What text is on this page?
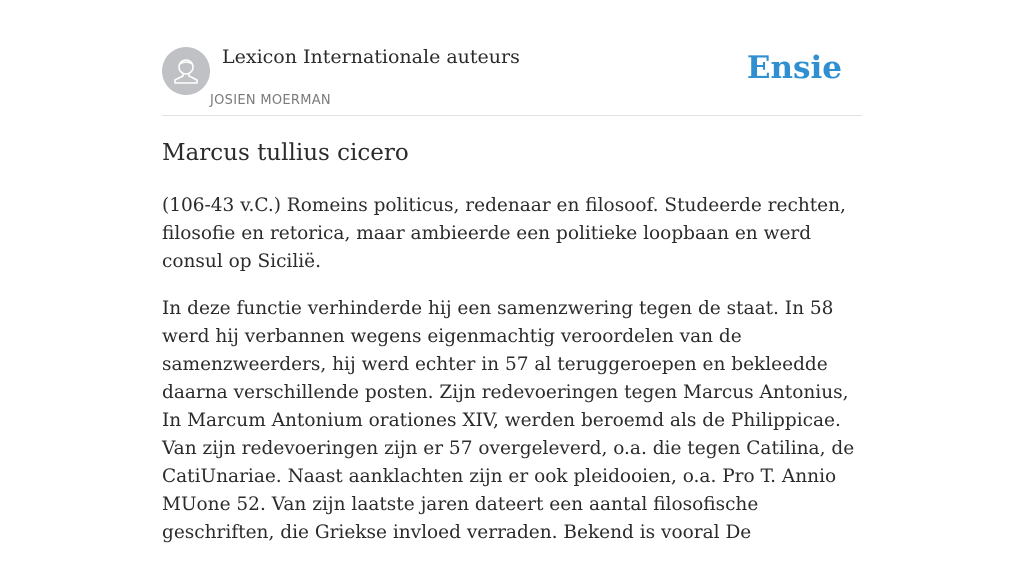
Lexicon Internationale auteurs
JOSIEN MOERMAN
Ensie
Marcus tullius cicero

(106-43 v.C.) Romeins politicus, redenaar en filosoof. Studeerde rechten, filosofie en retorica, maar ambieerde een politieke loopbaan en werd consul op Sicilië.

In deze functie verhinderde hij een samenzwering tegen de staat. In 58 werd hij verbannen wegens eigenmachtig veroordelen van de samenzweerders, hij werd echter in 57 al teruggeroepen en bekleedde daarna verschillende posten. Zijn redevoeringen tegen Marcus Antonius, In Marcum Antonium orationes XIV, werden beroemd als de Philippicae. Van zijn redevoeringen zijn er 57 overgeleverd, o.a. die tegen Catilina, de CatiUnariae. Naast aanklachten zijn er ook pleidooien, o.a. Pro T. Annio MUone 52. Van zijn laatste jaren dateert een aantal filosofische geschriften, die Griekse invloed verraden. Bekend is vooral De
